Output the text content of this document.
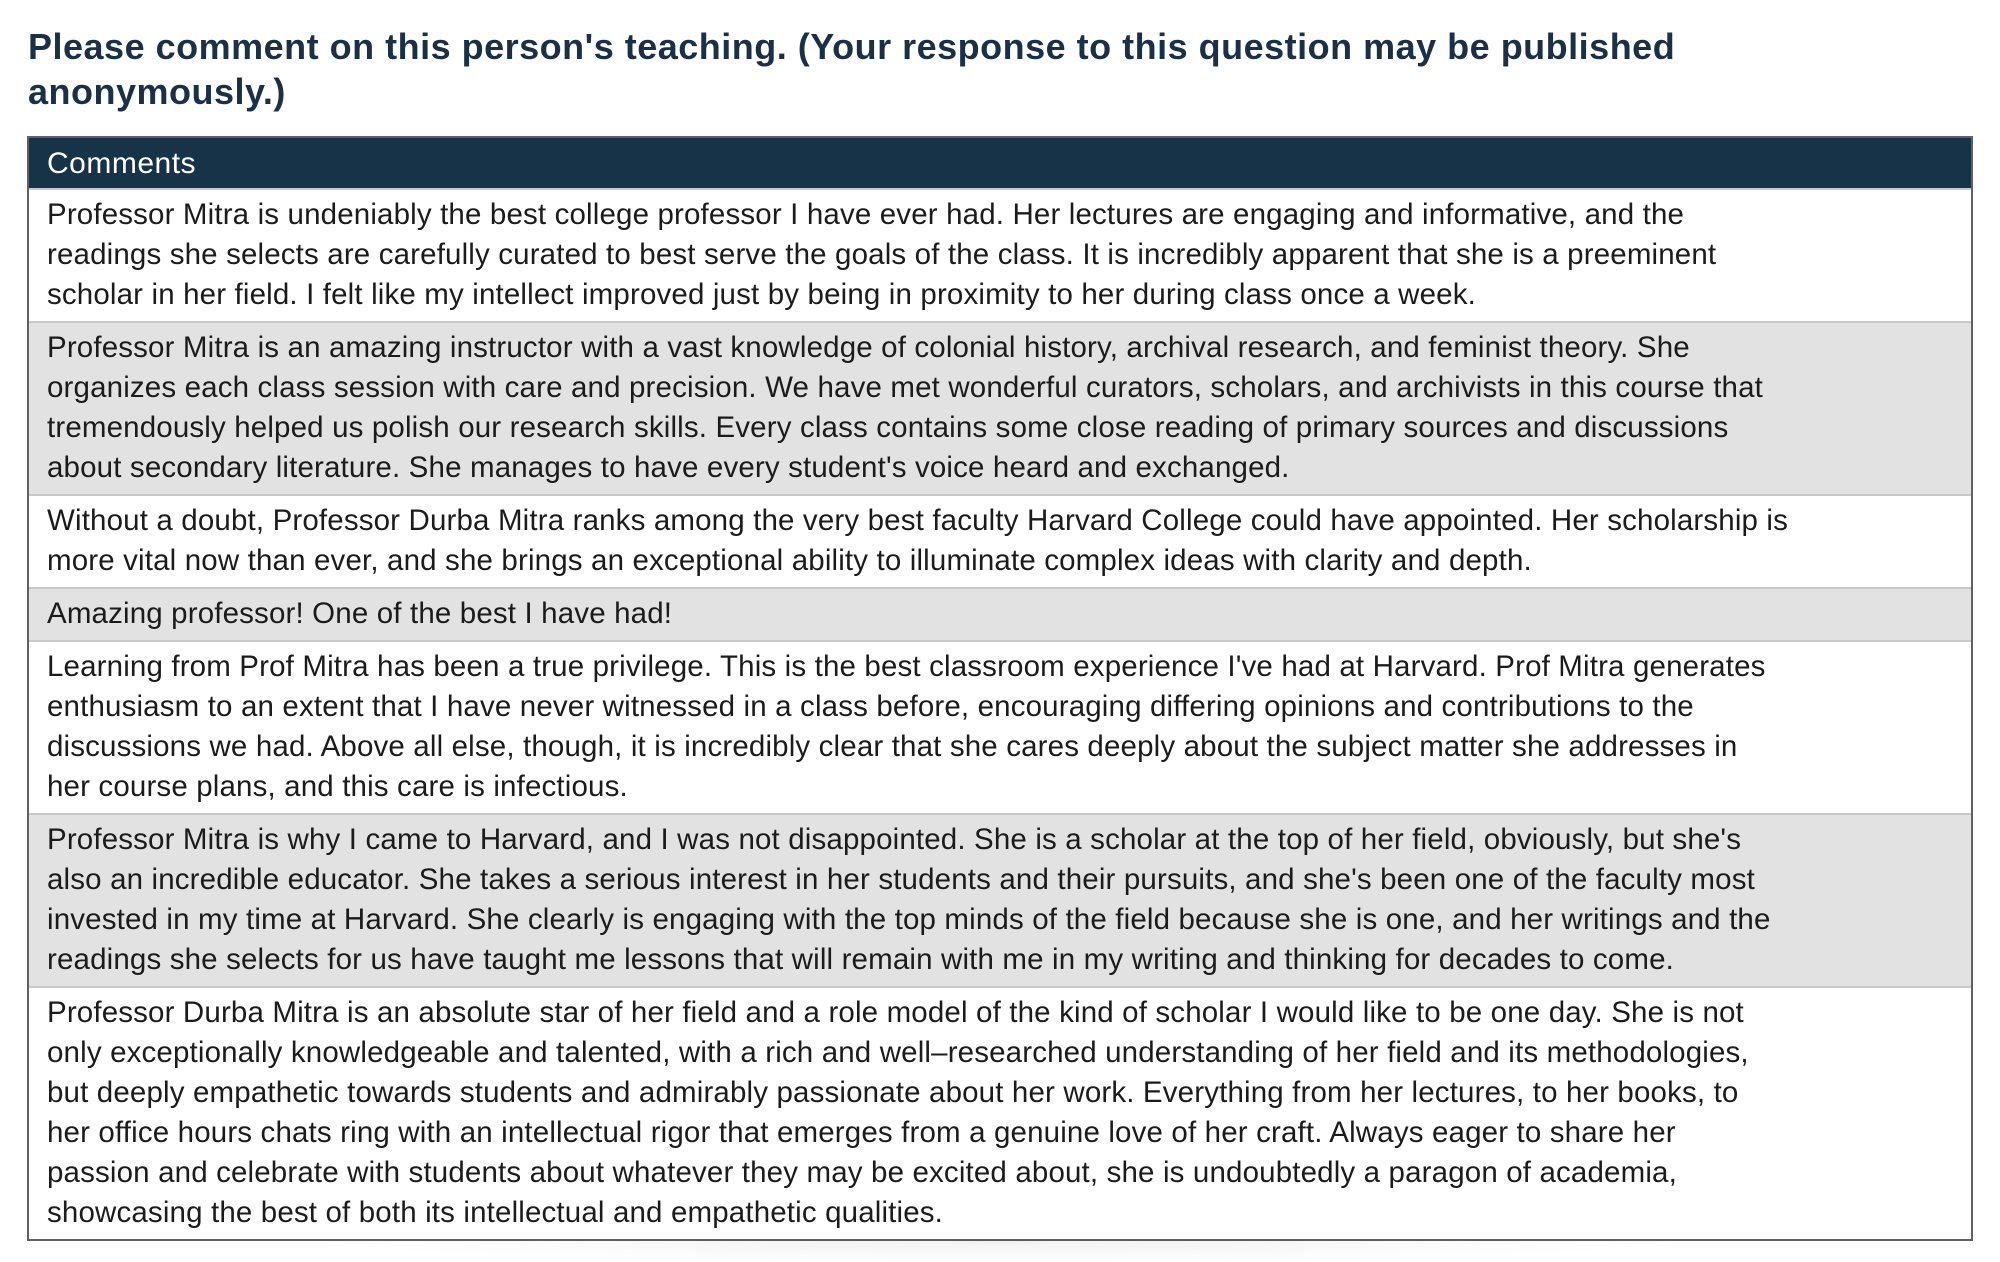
Please comment on this person's teaching. (Your response to this question may be published
anonymously.)
Comments
Professor Mitra is undeniably the best college professor I have ever had. Her lectures are engaging and informative, and the
readings she selects are carefully curated to best serve the goals of the class. It is incredibly apparent that she is a preeminent
scholar in her field. I felt like my intellect improved just by being in proximity to her during class once a week.
Professor Mitra is an amazing instructor with a vast knowledge of colonial history, archival research, and feminist theory. She
organizes each class session with care and precision. We have met wonderful curators, scholars, and archivists in this course that
tremendously helped us polish our research skills. Every class contains some close reading of primary sources and discussions
about secondary literature. She manages to have every student's voice heard and exchanged.
Without a doubt, Professor Durba Mitra ranks among the very best faculty Harvard College could have appointed. Her scholarship is
more vital now than ever, and she brings an exceptional ability to illuminate complex ideas with clarity and depth.
Amazing professor! One of the best I have had!
Learning from Prof Mitra has been a true privilege. This is the best classroom experience I've had at Harvard. Prof Mitra generates
enthusiasm to an extent that I have never witnessed in a class before, encouraging differing opinions and contributions to the
discussions we had. Above all else, though, it is incredibly clear that she cares deeply about the subject matter she addresses in
her course plans, and this care is infectious.
Professor Mitra is why I came to Harvard, and I was not disappointed. She is a scholar at the top of her field, obviously, but she's
also an incredible educator. She takes a serious interest in her students and their pursuits, and she's been one of the faculty most
invested in my time at Harvard. She clearly is engaging with the top minds of the field because she is one, and her writings and the
readings she selects for us have taught me lessons that will remain with me in my writing and thinking for decades to come.
Professor Durba Mitra is an absolute star of her field and a role model of the kind of scholar I would like to be one day. She is not
only exceptionally knowledgeable and talented, with a rich and well–researched understanding of her field and its methodologies,
but deeply empathetic towards students and admirably passionate about her work. Everything from her lectures, to her books, to
her office hours chats ring with an intellectual rigor that emerges from a genuine love of her craft. Always eager to share her
passion and celebrate with students about whatever they may be excited about, she is undoubtedly a paragon of academia,
showcasing the best of both its intellectual and empathetic qualities.
